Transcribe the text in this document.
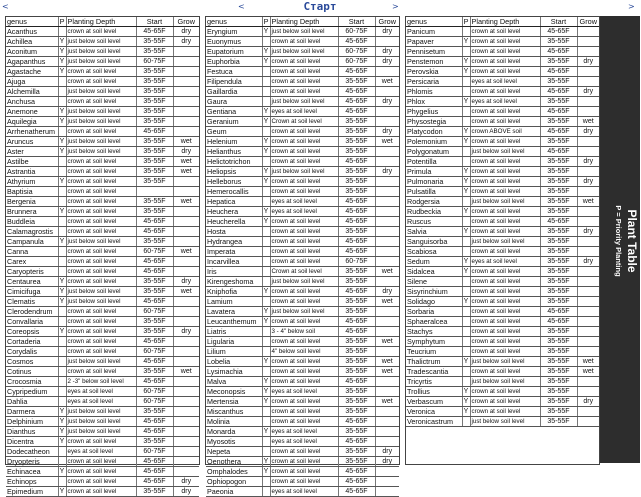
<	<	Старт	>	>
genus	P	Planting Depth	Start	Grow
Acanthus		crown at soil level	45-65F	dry
Achillea	Y	just below soil level	35-55F	dry
Aconitum	Y	just below soil level	35-55F	
Agapanthus	Y	just below soil level	60-75F	
Agastache	Y	crown at soil level	35-55F	
Ajuga		crown at soil level	35-55F	
Alchemilla		just below soil level	35-55F	
Anchusa		crown at soil level	35-55F	
Anemone	Y	just below soil level	35-55F	
Aquilegia	Y	just below soil level	35-55F	
Arrhenatherum		crown at soil level	45-65F	
Aruncus	Y	just below soil level	35-55F	wet
Aster	Y	just below soil level	35-55F	dry
Astilbe		crown at soil level	35-55F	wet
Astrantia		crown at soil level	35-55F	wet
Athyrium	Y	crown at soil level	35-55F	
Baptisia		crown at soil level		
Bergenia		crown at soil level	35-55F	wet
Brunnera	Y	crown at soil level	35-55F	
Buddleia		crown at soil level	45-65F	
Calamagrostis		crown at soil level	45-65F	
Campanula	Y	just below soil level	35-55F	
Canna		crown at soil level	60-75F	wet
Carex		crown at soil level	45-65F	
Caryopteris		crown at soil level	45-65F	
Centaurea	Y	crown at soil level	35-55F	dry
Cimicifuga	Y	just below soil level	35-55F	wet
Clematis	Y	just below soil level	45-65F	
Clerodendrum		crown at soil level	60-75F	
Convallaria		crown at soil level	35-55F	
Coreopsis	Y	crown at soil level	35-55F	dry
Cortaderia		crown at soil level	45-65F	
Corydalis		crown at soil level	60-75F	
Cosmos		just below soil level	45-65F	
Cotinus		crown at soil level	35-55F	wet
Crocosmia		2 -3" below soil level	45-65F	
Cypripedium		eyes at soil level	60-75F	
Dahlia		eyes at soil level	60-75F	
Darmera	Y	just below soil level	35-55F	
Delphinium	Y	just below soil level	45-65F	
Dianthus	Y	just below soil level	45-65F	
Dicentra	Y	crown at soil level	35-55F	
Dodecatheon		eyes at soil level	60-75F	
Dryopteris		crown at soil level	45-65F	
Echinacea	Y	crown at soil level	45-65F	
Echinops		crown at soil level	45-65F	dry
Epimedium	Y	crown at soil level	35-55F	dry
genus	P	Planting Depth	Start	Grow
Eryngium	Y	just below soil level	60-75F	dry
Euonymus		crown at soil level	45-65F	
Eupatorium	Y	just below soil level	60-75F	dry
Euphorbia	Y	crown at soil level	60-75F	dry
Festuca		crown at soil level	45-65F	
Filipendula		crown at soil level	35-55F	wet
Gaillardia		crown at soil level	45-65F	
Gaura		just below soil level	45-65F	dry
Gentiana	Y	eyes at soil level	45-65F	
Geranium	Y	Crown at soil level	35-55F	
Geum		crown at soil level	35-55F	dry
Helenium	Y	crown at soil level	35-55F	wet
Helianthus	Y	crown at soil level	35-55F	
Helictotrichon		crown at soil level	45-65F	
Heliopsis	Y	just below soil level	35-55F	dry
Helleborus	Y	crown at soil level	35-55F	
Hemerocallis		crown at soil level	35-55F	
Hepatica		eyes at soil level	45-65F	
Heuchera	Y	eyes at soil level	45-65F	
Heucherella	Y	crown at soil level	45-65F	
Hosta		crown at soil level	35-55F	
Hydrangea		crown at soil level	45-65F	
Imperata		crown at soil level	45-65F	
Incarvillea		crown at soil level	60-75F	
Iris		Crown at soil level	35-55F	wet
Kirengeshoma		just below soil level	35-55F	
Kniphofia	Y	crown at soil level	45-65F	dry
Lamium		crown at soil level	35-55F	wet
Lavatera	Y	just below soil level	35-55F	
Leucanthemum	Y	crown at soil level	45-65F	
Liatris		3 - 4" below soil	45-65F	
Ligularia		crown at soil level	35-55F	wet
Lilium		4" below soil level	35-55F	
Lobelia	Y	crown at soil level	35-55F	wet
Lysimachia		crown at soil level	35-55F	wet
Malva	Y	crown at soil level	45-65F	
Meconopsis	Y	eyes at soil level	35-55F	
Mertensia	Y	crown at soil level	35-55F	wet
Miscanthus		crown at soil level	35-55F	
Molinia		crown at soil level	45-65F	
Monarda	Y	eyes at soil level	35-55F	
Myosotis		eyes at soil level	45-65F	
Nepeta		crown at soil level	35-55F	dry
Oenothera	Y	crown at soil level	35-55F	dry
Omphalodes	Y	crown at soil level	45-65F	
Ophiopogon		crown at soil level	45-65F	
Paeonia		eyes at soil level	45-65F	
genus	P	Planting Depth	Start	Grow
Panicum		crown at soil level	45-65F	
Papaver	Y	crown at soil level	35-55F	
Pennisetum		crown at soil level	45-65F	
Penstemon	Y	crown at soil level	35-55F	dry
Perovskia	Y	crown at soil level	45-65F	
Persicaria		eyes at soil level	35-55F	
Phlomis		crown at soil level	45-65F	dry
Phlox	Y	eyes at soil level	35-55F	
Phygelius		crown at soil level	45-65F	
Physostegia		crown at soil level	35-55F	wet
Platycodon	Y	crown ABOVE soil	45-65F	dry
Polemonium	Y	crown at soil level	35-55F	
Polygonatum		just below soil level	45-65F	
Potentilla		crown at soil level	35-55F	dry
Primula	Y	crown at soil level	35-55F	
Pulmonaria	Y	crown at soil level	35-55F	dry
Pulsatilla	Y	crown at soil level	35-55F	
Rodgersia		just below soil level	35-55F	wet
Rudbeckia	Y	crown at soil level	35-55F	
Ruscus		crown at soil level	45-65F	
Salvia	Y	crown at soil level	35-55F	dry
Sanguisorba		just below soil level	35-55F	
Scabiosa		crown at soil level	35-55F	
Sedum	Y	eyes at soil level	35-55F	dry
Sidalcea	Y	crown at soil level	35-55F	
Silene		crown at soil level	35-55F	
Sisyrinchium		crown at soil level	35-55F	
Solidago	Y	crown at soil level	35-55F	
Sorbaria		crown at soil level	45-65F	
Sphaeralcea		crown at soil level	45-65F	
Stachys		crown at soil level	35-55F	
Symphytum		crown at soil level	35-55F	
Teucrium		crown at soil level	35-55F	
Thalictrum	Y	just below soil level	35-55F	wet
Tradescantia		crown at soil level	35-55F	wet
Tricyrtis		just below soil level	35-55F	
Trollius	Y	crown at soil level	35-55F	
Verbascum	Y	crown at soil level	35-55F	dry
Veronica	Y	crown at soil level	35-55F	
Veronicastrum		just below soil level	35-55F	
Plant Table
P = Priority Planting
